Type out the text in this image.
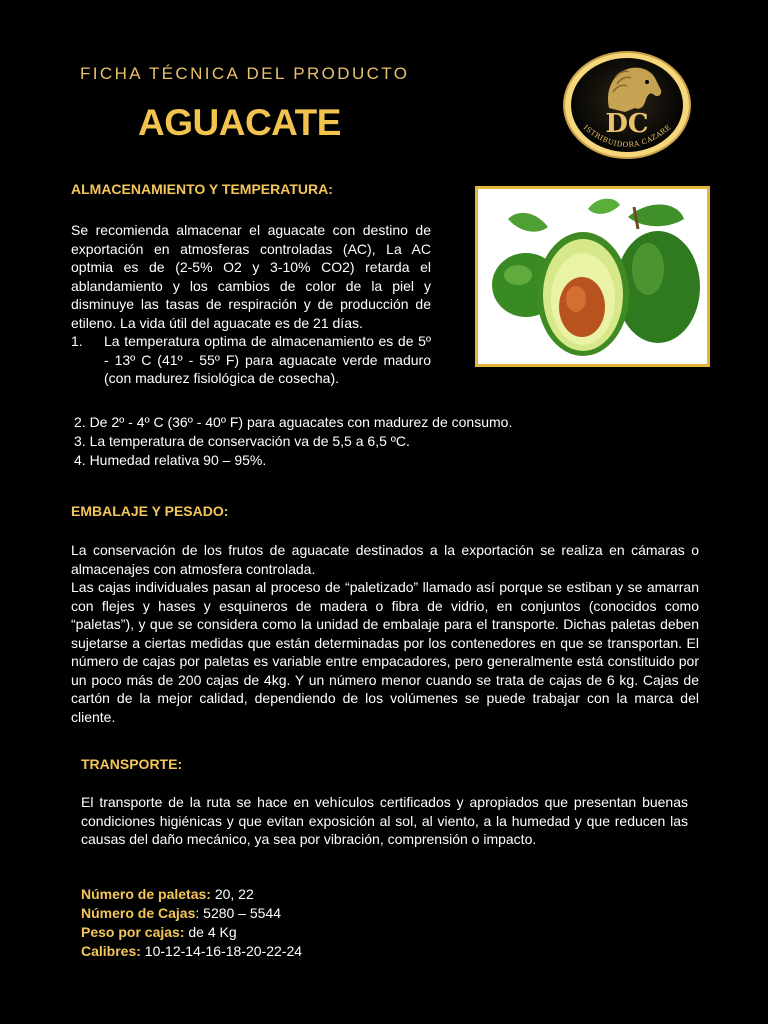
FICHA TÉCNICA DEL PRODUCTO
AGUACATE	DC
ISTRIBUIDORA CAZARE
ALMACENAMIENTO Y TEMPERATURA:
Se recomienda almacenar el aguacate con destino de exportación en atmosferas controladas (AC), La AC optmia es de (2-5% O2 y 3-10% CO2) retarda el ablandamiento y los cambios de color de la piel y disminuye las tasas de respiración y de producción de etileno. La vida útil del aguacate es de 21 días.
1.	La temperatura optima de almacenamiento es de 5º - 13º C (41º - 55º F) para aguacate verde maduro (con madurez fisiológica de cosecha).
2. De 2º - 4º C (36º - 40º F) para aguacates con madurez de consumo.
3. La temperatura de conservación va de 5,5 a 6,5 ºC.
4. Humedad relativa 90 – 95%.
EMBALAJE Y PESADO:
La conservación de los frutos de aguacate destinados a la exportación se realiza en cámaras o almacenajes con atmosfera controlada.
Las cajas individuales pasan al proceso de “paletizado” llamado así porque se estiban y se amarran con flejes y hases y esquineros de madera o fibra de vidrio, en conjuntos (conocidos como “paletas”), y que se considera como la unidad de embalaje para el transporte. Dichas paletas deben sujetarse a ciertas medidas que están determinadas por los contenedores en que se transportan. El número de cajas por paletas es variable entre empacadores, pero generalmente está constituido por un poco más de 200 cajas de 4kg. Y un número menor cuando se trata de cajas de 6 kg. Cajas de cartón de la mejor calidad, dependiendo de los volúmenes se puede trabajar con la marca del cliente.
TRANSPORTE:
El transporte de la ruta se hace en vehículos certificados y apropiados que presentan buenas condiciones higiénicas y que evitan exposición al sol, al viento, a la humedad y que reducen las causas del daño mecánico, ya sea por vibración, comprensión o impacto.
Número de paletas: 20, 22
Número de Cajas: 5280 – 5544
Peso por cajas: de 4 Kg
Calibres: 10-12-14-16-18-20-22-24
